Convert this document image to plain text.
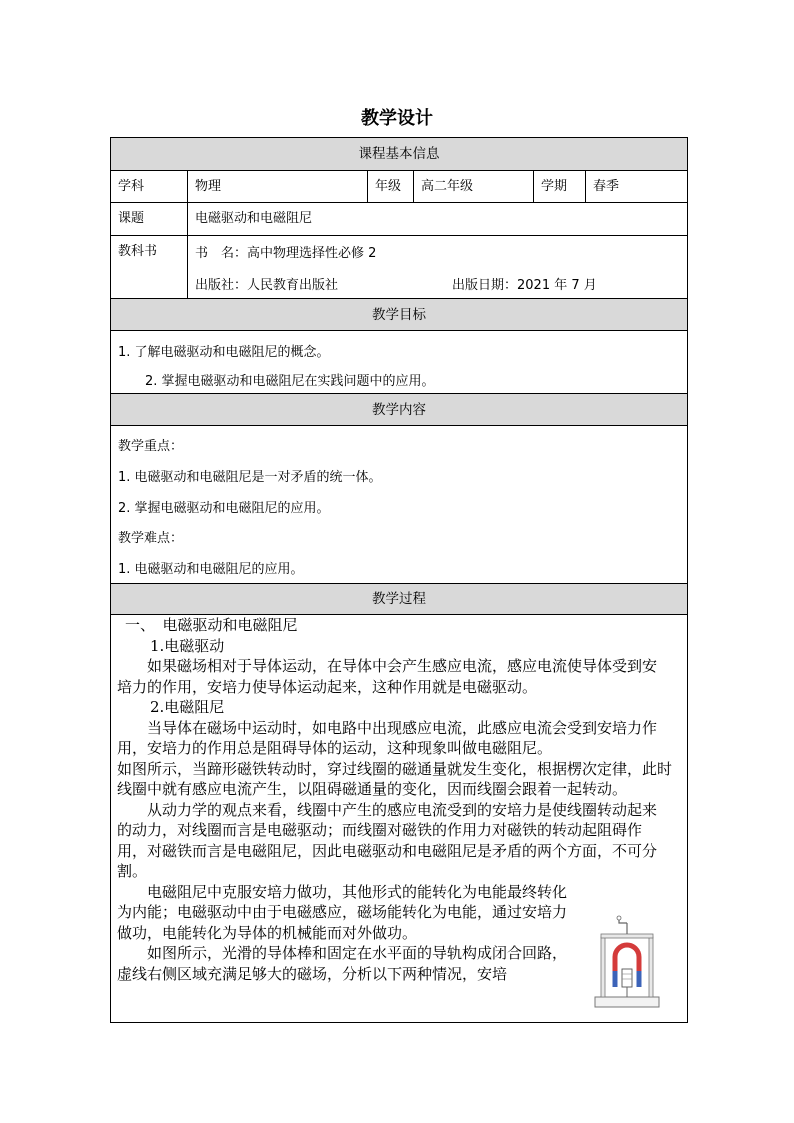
教学设计
课程基本信息
学科	物理	年级	高二年级	学期	春季
课题	电磁驱动和电磁阻尼
教科书	书　名：高中物理选择性必修 2
出版社：人民教育出版社	出版日期：2021 年 7 月
教学目标
1. 了解电磁驱动和电磁阻尼的概念。
2. 掌握电磁驱动和电磁阻尼在实践问题中的应用。
教学内容
教学重点：
1. 电磁驱动和电磁阻尼是一对矛盾的统一体。
2. 掌握电磁驱动和电磁阻尼的应用。
教学难点：
1. 电磁驱动和电磁阻尼的应用。
教学过程

一、　电磁驱动和电磁阻尼

1.电磁驱动

如果磁场相对于导体运动，在导体中会产生感应电流，感应电流使导体受到安培力的作用，安培力使导体运动起来，这种作用就是电磁驱动。

2.电磁阻尼

当导体在磁场中运动时，如电路中出现感应电流，此感应电流会受到安培力作用，安培力的作用总是阻碍导体的运动，这种现象叫做电磁阻尼。

如图所示，当蹄形磁铁转动时，穿过线圈的磁通量就发生变化，根据楞次定律，此时线圈中就有感应电流产生，以阻碍磁通量的变化，因而线圈会跟着一起转动。

从动力学的观点来看，线圈中产生的感应电流受到的安培力是使线圈转动起来的动力，对线圈而言是电磁驱动；而线圈对磁铁的作用力对磁铁的转动起阻碍作用，对磁铁而言是电磁阻尼，因此电磁驱动和电磁阻尼是矛盾的两个方面，不可分割。

电磁阻尼中克服安培力做功，其他形式的能转化为电能最终转化为内能；电磁驱动中由于电磁感应，磁场能转化为电能，通过安培力做功，电能转化为导体的机械能而对外做功。

如图所示，光滑的导体棒和固定在水平面的导轨构成闭合回路，虚线右侧区域充满足够大的磁场，分析以下两种情况，安培
